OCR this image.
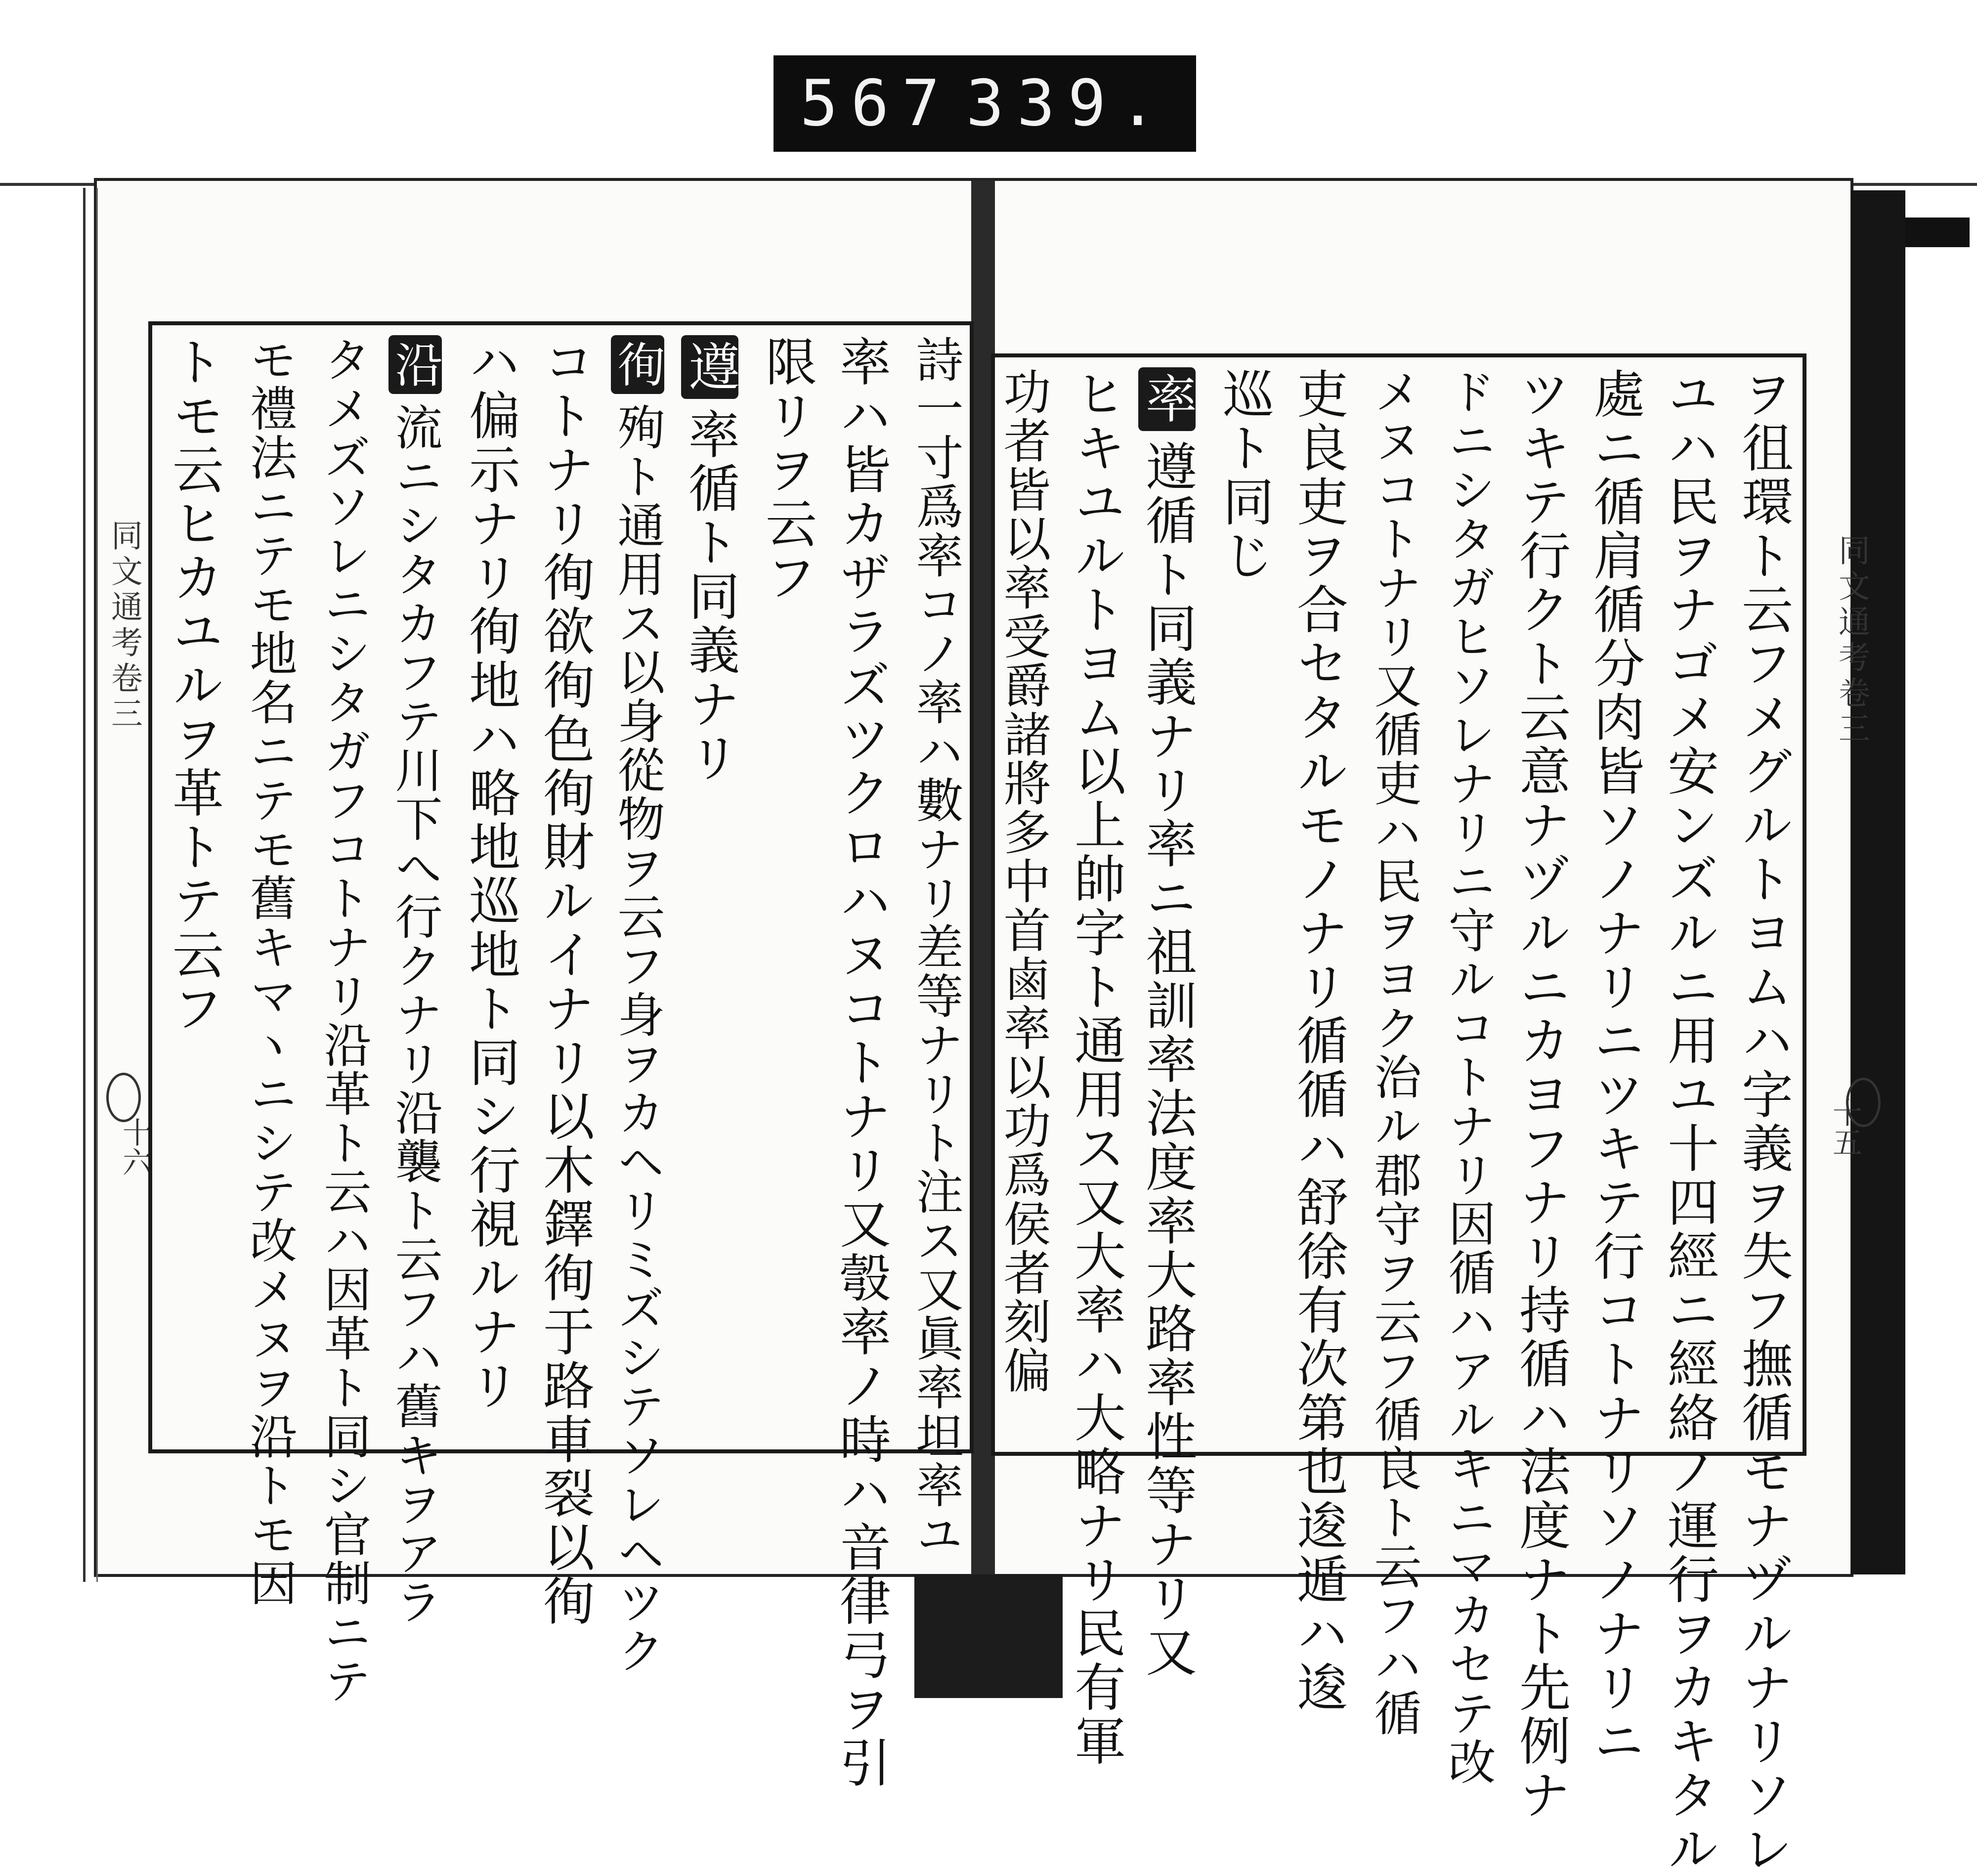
567 339.
同文通考卷三	同文通考卷三
十六	十五
ヲ徂環ト云フメグルトヨムハ字義ヲ失フ撫循モナヅルナリソレ
ユハ民ヲナゴメ安ンズルニ用ユ十四經ニ經絡ノ運行ヲカキタル
處ニ循肩循分肉皆ソノナリニツキテ行コトナリソノナリニ
ツキテ行クト云意ナヅルニカヨフナリ持循ハ法度ナト先例ナ
ドニシタガヒソレナリニ守ルコトナリ因循ハアルキニマカセテ改
メヌコトナリ又循吏ハ民ヲヨク治ル郡守ヲ云フ循良ト云フハ循
吏良吏ヲ合セタルモノナリ循循ハ舒徐有次第也逡遁ハ逡
巡ト同じ
率遵循ト同義ナリ率ニ祖訓率法度率大路率性等ナリ又
ヒキユルトヨム以上帥字ト通用ス又大率ハ大略ナリ民有軍
功者皆以率受爵諸將多中首鹵率以功爲侯者刻偏
詩一寸爲率コノ率ハ數ナリ差等ナリト注ス又眞率坦率ユ
率ハ皆カザラズツクロハヌコトナリ又彀率ノ時ハ音律弓ヲ引
限リヲ云フ
遵率循ト同義ナリ
徇殉ト通用ス以身從物ヲ云フ身ヲカヘリミズシテソレヘツク
コトナリ徇欲徇色徇財ルイナリ以木鐸徇于路車裂以徇
ハ偏示ナリ徇地ハ略地巡地ト同シ行視ルナリ
沿流ニシタカフテ川下へ行クナリ沿襲ト云フハ舊キヲアラ
タメズソレニシタガフコトナリ沿革ト云ハ因革ト同シ官制ニテ
モ禮法ニテモ地名ニテモ舊キマヽニシテ改メヌヲ沿トモ因
トモ云ヒカユルヲ革トテ云フ
